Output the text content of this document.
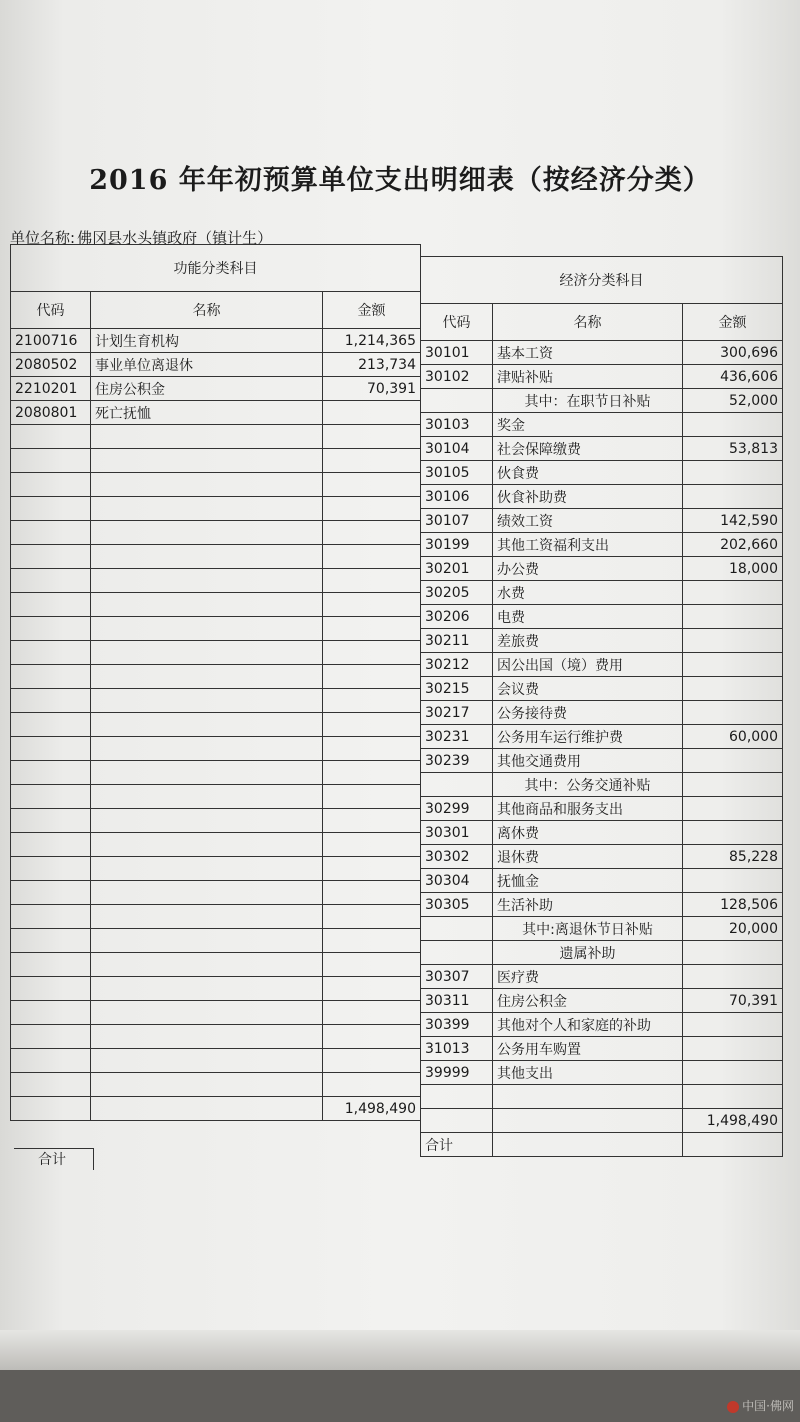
2016 年年初预算单位支出明细表（按经济分类）
单位名称: 佛冈县水头镇政府（镇计生）
功能分类科目		
代码	名称	金额
2100716	计划生育机构	1,214,365
2080502	事业单位离退休	213,734
2210201	住房公积金	70,391
2080801	死亡抚恤	

		1,498,490
经济分类科目		
代码	名称	金额
30101	基本工资	300,696
30102	津贴补贴	436,606
	其中：在职节日补贴	52,000
30103	奖金	
30104	社会保障缴费	53,813
30105	伙食费	
30106	伙食补助费	
30107	绩效工资	142,590
30199	其他工资福利支出	202,660
30201	办公费	18,000
30205	水费	
30206	电费	
30211	差旅费	
30212	因公出国（境）费用	
30215	会议费	
30217	公务接待费	
30231	公务用车运行维护费	60,000
30239	其他交通费用	
	其中：公务交通补贴	
30299	其他商品和服务支出	
30301	离休费	
30302	退休费	85,228
30304	抚恤金	
30305	生活补助	128,506
	其中:离退休节日补贴	20,000
	遗属补助	
30307	医疗费	
30311	住房公积金	70,391
30399	其他对个人和家庭的补助	
31013	公务用车购置	
39999	其他支出	

		1,498,490
合计		
合计
中国·佛网
